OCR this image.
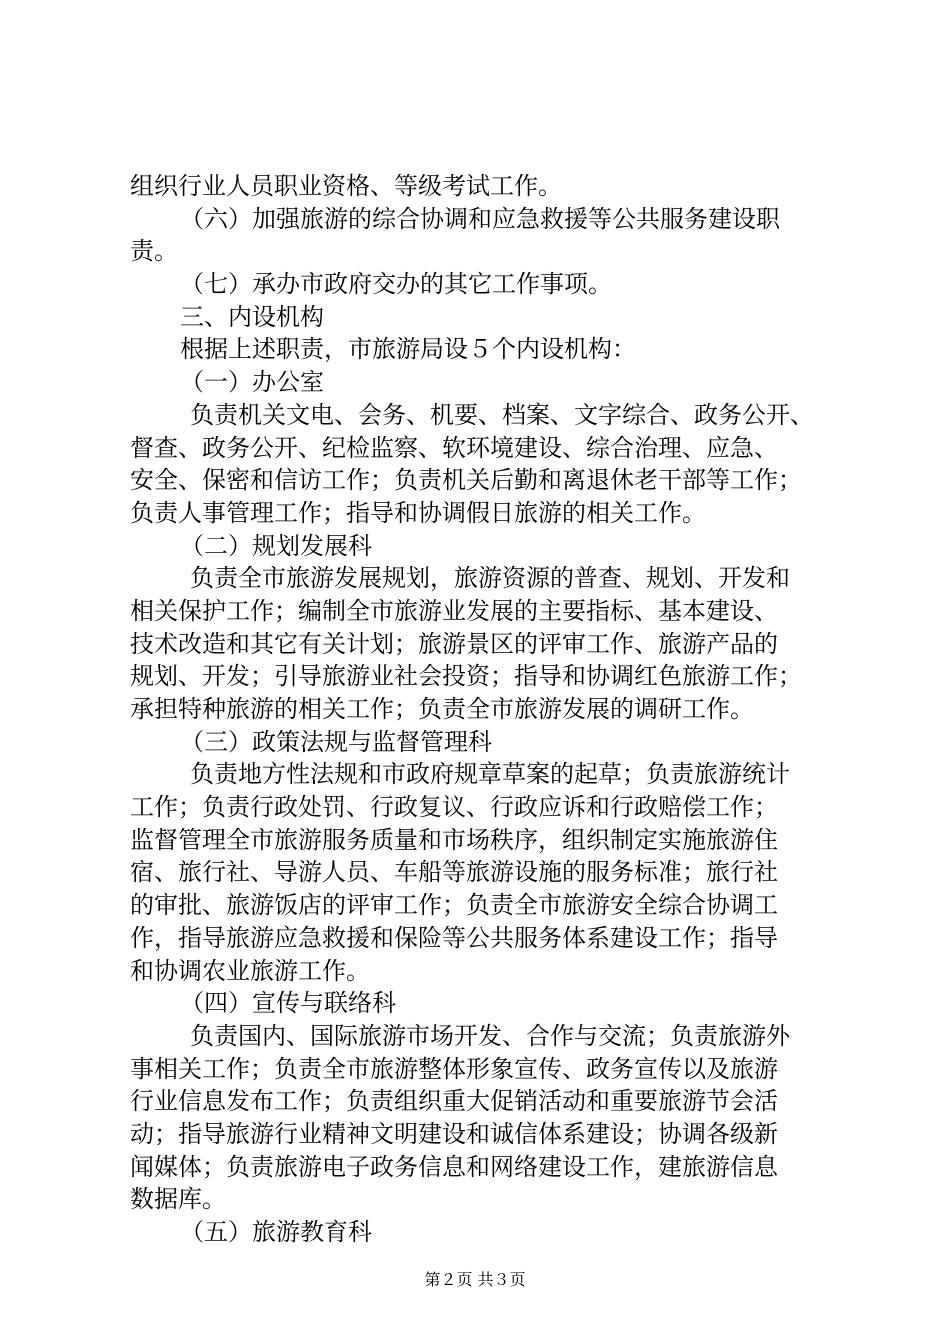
组织行业人员职业资格、等级考试工作。
（六）加强旅游的综合协调和应急救援等公共服务建设职
责。
（七）承办市政府交办的其它工作事项。
三、内设机构
根据上述职责，市旅游局设５个内设机构：
（一）办公室
负责机关文电、会务、机要、档案、文字综合、政务公开、
督查、政务公开、纪检监察、软环境建设、综合治理、应急、
安全、保密和信访工作；负责机关后勤和离退休老干部等工作；
负责人事管理工作；指导和协调假日旅游的相关工作。
（二）规划发展科
负责全市旅游发展规划，旅游资源的普查、规划、开发和
相关保护工作；编制全市旅游业发展的主要指标、基本建设、
技术改造和其它有关计划；旅游景区的评审工作、旅游产品的
规划、开发；引导旅游业社会投资；指导和协调红色旅游工作；
承担特种旅游的相关工作；负责全市旅游发展的调研工作。
（三）政策法规与监督管理科
负责地方性法规和市政府规章草案的起草；负责旅游统计
工作；负责行政处罚、行政复议、行政应诉和行政赔偿工作；
监督管理全市旅游服务质量和市场秩序，组织制定实施旅游住
宿、旅行社、导游人员、车船等旅游设施的服务标准；旅行社
的审批、旅游饭店的评审工作；负责全市旅游安全综合协调工
作，指导旅游应急救援和保险等公共服务体系建设工作；指导
和协调农业旅游工作。
（四）宣传与联络科
负责国内、国际旅游市场开发、合作与交流；负责旅游外
事相关工作；负责全市旅游整体形象宣传、政务宣传以及旅游
行业信息发布工作；负责组织重大促销活动和重要旅游节会活
动；指导旅游行业精神文明建设和诚信体系建设；协调各级新
闻媒体；负责旅游电子政务信息和网络建设工作，建旅游信息
数据库。
（五）旅游教育科
第２页 共３页
